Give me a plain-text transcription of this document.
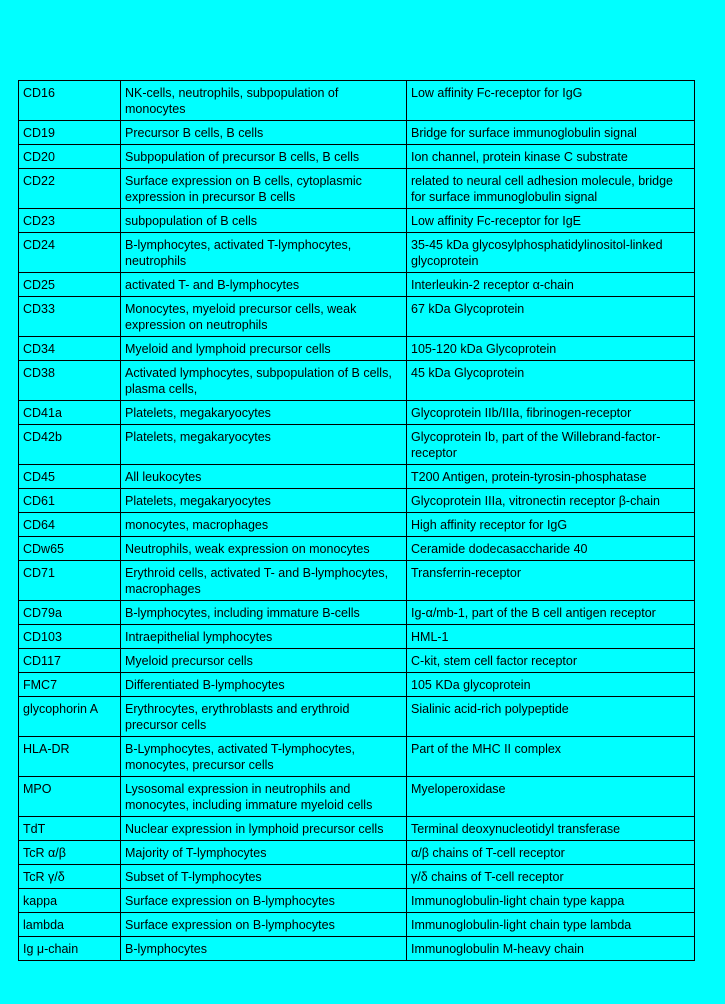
CD16	NK-cells, neutrophils, subpopulation of monocytes	Low affinity Fc-receptor for IgG
CD19	Precursor B cells, B cells	Bridge for surface immunoglobulin signal
CD20	Subpopulation of precursor B cells, B cells	Ion channel, protein kinase C substrate
CD22	Surface expression on B cells, cytoplasmic expression in precursor B cells	related to neural cell adhesion molecule, bridge for surface immunoglobulin signal
CD23	subpopulation of B cells	Low affinity Fc-receptor for IgE
CD24	B-lymphocytes, activated T-lymphocytes, neutrophils	35-45 kDa glycosylphosphatidylinositol-linked glycoprotein
CD25	activated T- and B-lymphocytes	Interleukin-2 receptor α-chain
CD33	Monocytes, myeloid precursor cells, weak expression on neutrophils	67 kDa Glycoprotein
CD34	Myeloid and lymphoid precursor cells	105-120 kDa Glycoprotein
CD38	Activated lymphocytes, subpopulation of B cells, plasma cells,	45 kDa Glycoprotein
CD41a	Platelets, megakaryocytes	Glycoprotein IIb/IIIa, fibrinogen-receptor
CD42b	Platelets, megakaryocytes	Glycoprotein Ib, part of the Willebrand-factor-receptor
CD45	All leukocytes	T200 Antigen, protein-tyrosin-phosphatase
CD61	Platelets, megakaryocytes	Glycoprotein IIIa, vitronectin receptor β-chain
CD64	monocytes, macrophages	High affinity receptor for IgG
CDw65	Neutrophils, weak expression on monocytes	Ceramide dodecasaccharide 40
CD71	Erythroid cells, activated T- and B-lymphocytes, macrophages	Transferrin-receptor
CD79a	B-lymphocytes, including immature B-cells	Ig-α/mb-1, part of the B cell antigen receptor
CD103	Intraepithelial lymphocytes	HML-1
CD117	Myeloid precursor cells	C-kit, stem cell factor receptor
FMC7	Differentiated B-lymphocytes	105 KDa glycoprotein
glycophorin A	Erythrocytes, erythroblasts and erythroid precursor cells	Sialinic acid-rich polypeptide
HLA-DR	B-Lymphocytes, activated T-lymphocytes, monocytes, precursor cells	Part of the MHC II complex
MPO	Lysosomal expression in neutrophils and monocytes, including immature myeloid cells	Myeloperoxidase
TdT	Nuclear expression in lymphoid precursor cells	Terminal deoxynucleotidyl transferase
TcR α/β	Majority of T-lymphocytes	α/β chains of T-cell receptor
TcR γ/δ	Subset of T-lymphocytes	γ/δ chains of T-cell receptor
kappa	Surface expression on B-lymphocytes	Immunoglobulin-light chain type kappa
lambda	Surface expression on B-lymphocytes	Immunoglobulin-light chain type lambda
Ig μ-chain	B-lymphocytes	Immunoglobulin M-heavy chain
